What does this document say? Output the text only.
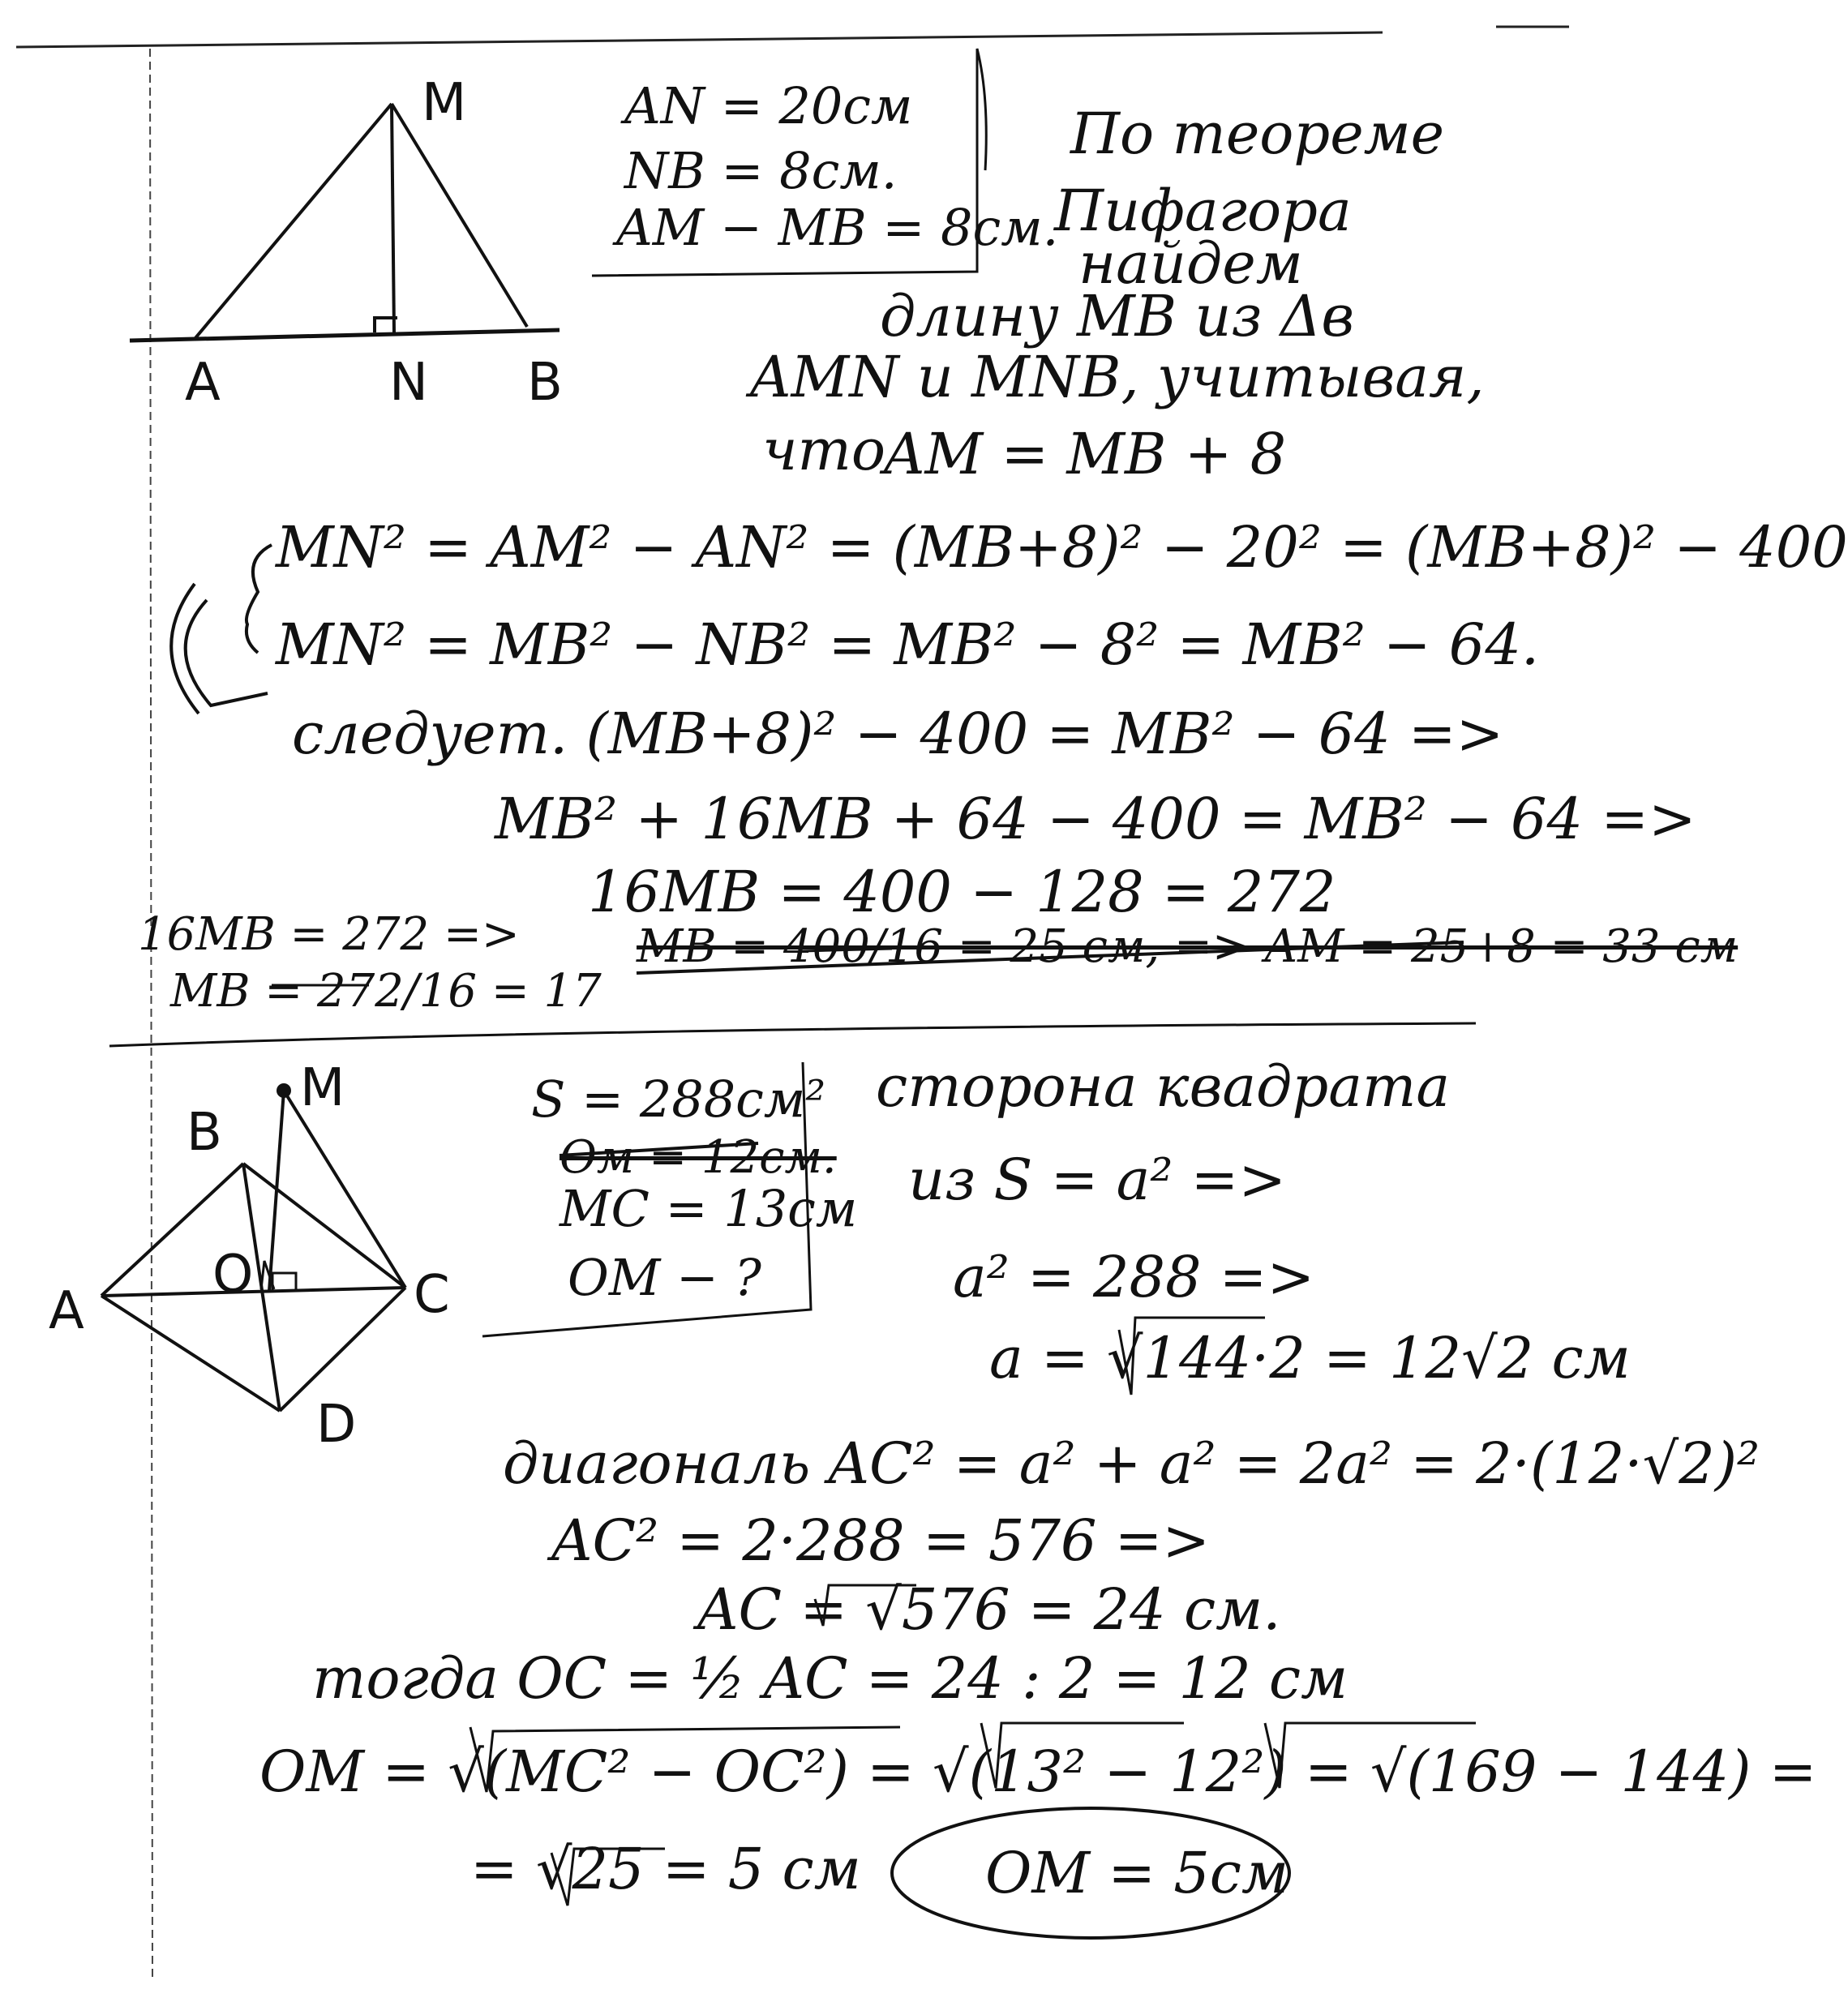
M
A	N B
AN = 20см
NB = 8см.
AM − MB = 8см.
По теореме
Пифагора
найдем
длину MB из Δв
AMN и MNB, учитывая,
что
AM = MB + 8
MN² = AM² − AN² = (MB+8)² − 20² = (MB+8)² − 400
MN² = MB² − NB² = MB² − 8² = MB² − 64.
следует. (MB+8)² − 400 = MB² − 64 =>
MB² + 16MB + 64 − 400 = MB² − 64 =>
16MB = 400 − 128 = 272
MB = 400/16 = 25 см, => AM = 25+8 = 33 см
16MB = 272 =>
MB = 272/16 = 17
M
B
O
A	C
D
S = 288см²
Ом = 12см.
MC = 13см
OM − ?
сторона квадрата
из S = a² =>
a² = 288 =>
a = √144·2 = 12√2 см
диагональ AC² = a² + a² = 2a² = 2·(12·√2)²
AC² = 2·288 = 576 =>
AC = √576 = 24 см.
тогда OC = ½ AC = 24 : 2 = 12 см
OM = √(MC² − OC²) = √(13² − 12²) = √(169 − 144) =
= √25 = 5 см OM = 5см
